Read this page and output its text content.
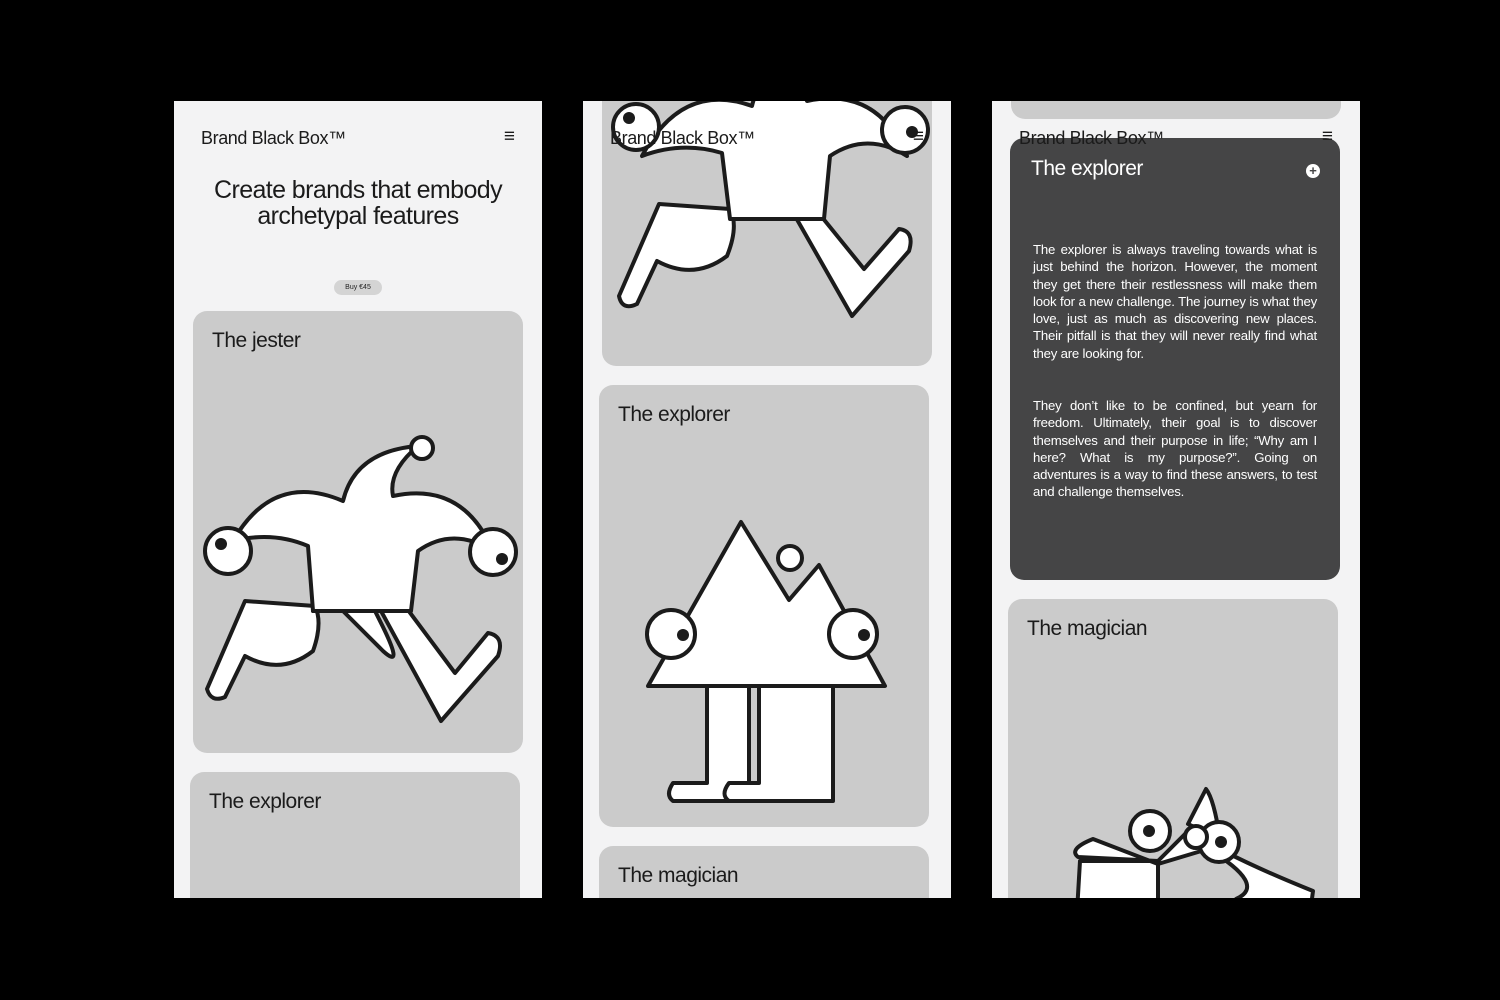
Brand Black Box™	≡
Create brands that embody archetypal features
Buy €45
The jester
The explorer
Brand Black Box™	≡
The explorer
The magician
Brand Black Box™	≡
The explorer	+

The explorer is always traveling towards what is just behind the horizon. However, the moment they get there their restlessness will make them look for a new challenge. The journey is what they love, just as much as discovering new places. Their pitfall is that they will never really find what they are looking for.

They don’t like to be confined, but yearn for freedom. Ultimately, their goal is to discover themselves and their purpose in life; “Why am I here? What is my purpose?”. Going on adventures is a way to find these answers, to test and challenge themselves.

The magician
